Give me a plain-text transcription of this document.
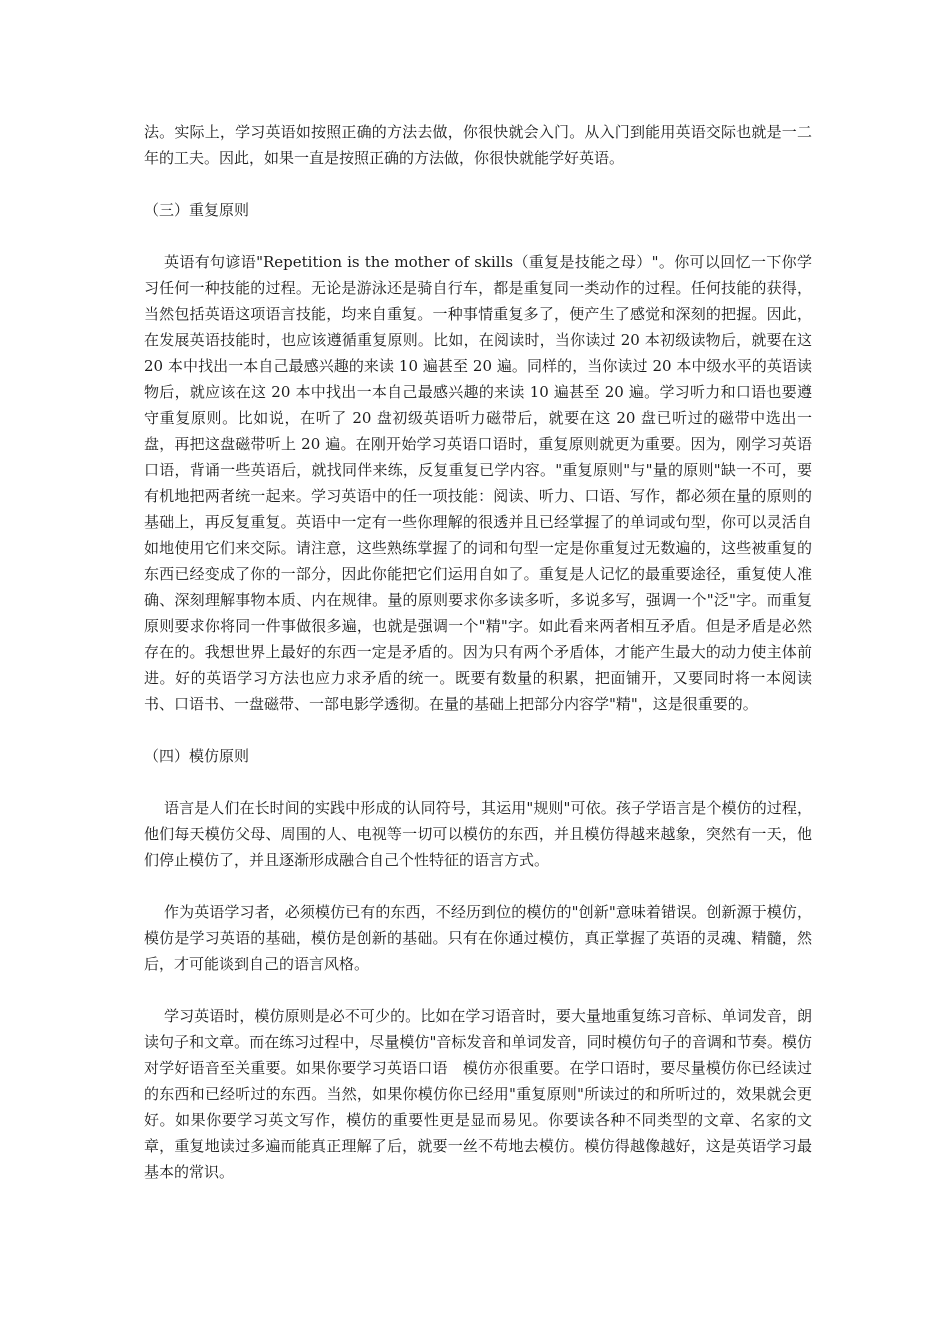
法。实际上，学习英语如按照正确的方法去做，你很快就会入门。从入门到能用英语交际也就是一二年的工夫。因此，如果一直是按照正确的方法做，你很快就能学好英语。

（三）重复原则

英语有句谚语"Repetition is the mother of skills（重复是技能之母）"。你可以回忆一下你学习任何一种技能的过程。无论是游泳还是骑自行车，都是重复同一类动作的过程。任何技能的获得，当然包括英语这项语言技能，均来自重复。一种事情重复多了，便产生了感觉和深刻的把握。因此，在发展英语技能时，也应该遵循重复原则。比如，在阅读时，当你读过 20 本初级读物后，就要在这 20 本中找出一本自己最感兴趣的来读 10 遍甚至 20 遍。同样的，当你读过 20 本中级水平的英语读物后，就应该在这 20 本中找出一本自己最感兴趣的来读 10 遍甚至 20 遍。学习听力和口语也要遵守重复原则。比如说，在听了 20 盘初级英语听力磁带后，就要在这 20 盘已听过的磁带中选出一盘，再把这盘磁带听上 20 遍。在刚开始学习英语口语时，重复原则就更为重要。因为，刚学习英语口语，背诵一些英语后，就找同伴来练，反复重复已学内容。"重复原则"与"量的原则"缺一不可，要有机地把两者统一起来。学习英语中的任一项技能：阅读、听力、口语、写作，都必须在量的原则的基础上，再反复重复。英语中一定有一些你理解的很透并且已经掌握了的单词或句型，你可以灵活自如地使用它们来交际。请注意，这些熟练掌握了的词和句型一定是你重复过无数遍的，这些被重复的东西已经变成了你的一部分，因此你能把它们运用自如了。重复是人记忆的最重要途径，重复使人准确、深刻理解事物本质、内在规律。量的原则要求你多读多听，多说多写，强调一个"泛"字。而重复原则要求你将同一件事做很多遍，也就是强调一个"精"字。如此看来两者相互矛盾。但是矛盾是必然存在的。我想世界上最好的东西一定是矛盾的。因为只有两个矛盾体，才能产生最大的动力使主体前进。好的英语学习方法也应力求矛盾的统一。既要有数量的积累，把面铺开，又要同时将一本阅读书、口语书、一盘磁带、一部电影学透彻。在量的基础上把部分内容学"精"，这是很重要的。

（四）模仿原则

语言是人们在长时间的实践中形成的认同符号，其运用"规则"可依。孩子学语言是个模仿的过程，他们每天模仿父母、周围的人、电视等一切可以模仿的东西，并且模仿得越来越象，突然有一天，他们停止模仿了，并且逐渐形成融合自己个性特征的语言方式。

作为英语学习者，必须模仿已有的东西，不经历到位的模仿的"创新"意味着错误。创新源于模仿，模仿是学习英语的基础，模仿是创新的基础。只有在你通过模仿，真正掌握了英语的灵魂、精髓，然后，才可能谈到自己的语言风格。

学习英语时，模仿原则是必不可少的。比如在学习语音时，要大量地重复练习音标、单词发音，朗读句子和文章。而在练习过程中，尽量模仿"音标发音和单词发音，同时模仿句子的音调和节奏。模仿对学好语音至关重要。如果你要学习英语口语　模仿亦很重要。在学口语时，要尽量模仿你已经读过的东西和已经听过的东西。当然，如果你模仿你已经用"重复原则"所读过的和所听过的，效果就会更好。如果你要学习英文写作，模仿的重要性更是显而易见。你要读各种不同类型的文章、名家的文章，重复地读过多遍而能真正理解了后，就要一丝不苟地去模仿。模仿得越像越好，这是英语学习最基本的常识。
